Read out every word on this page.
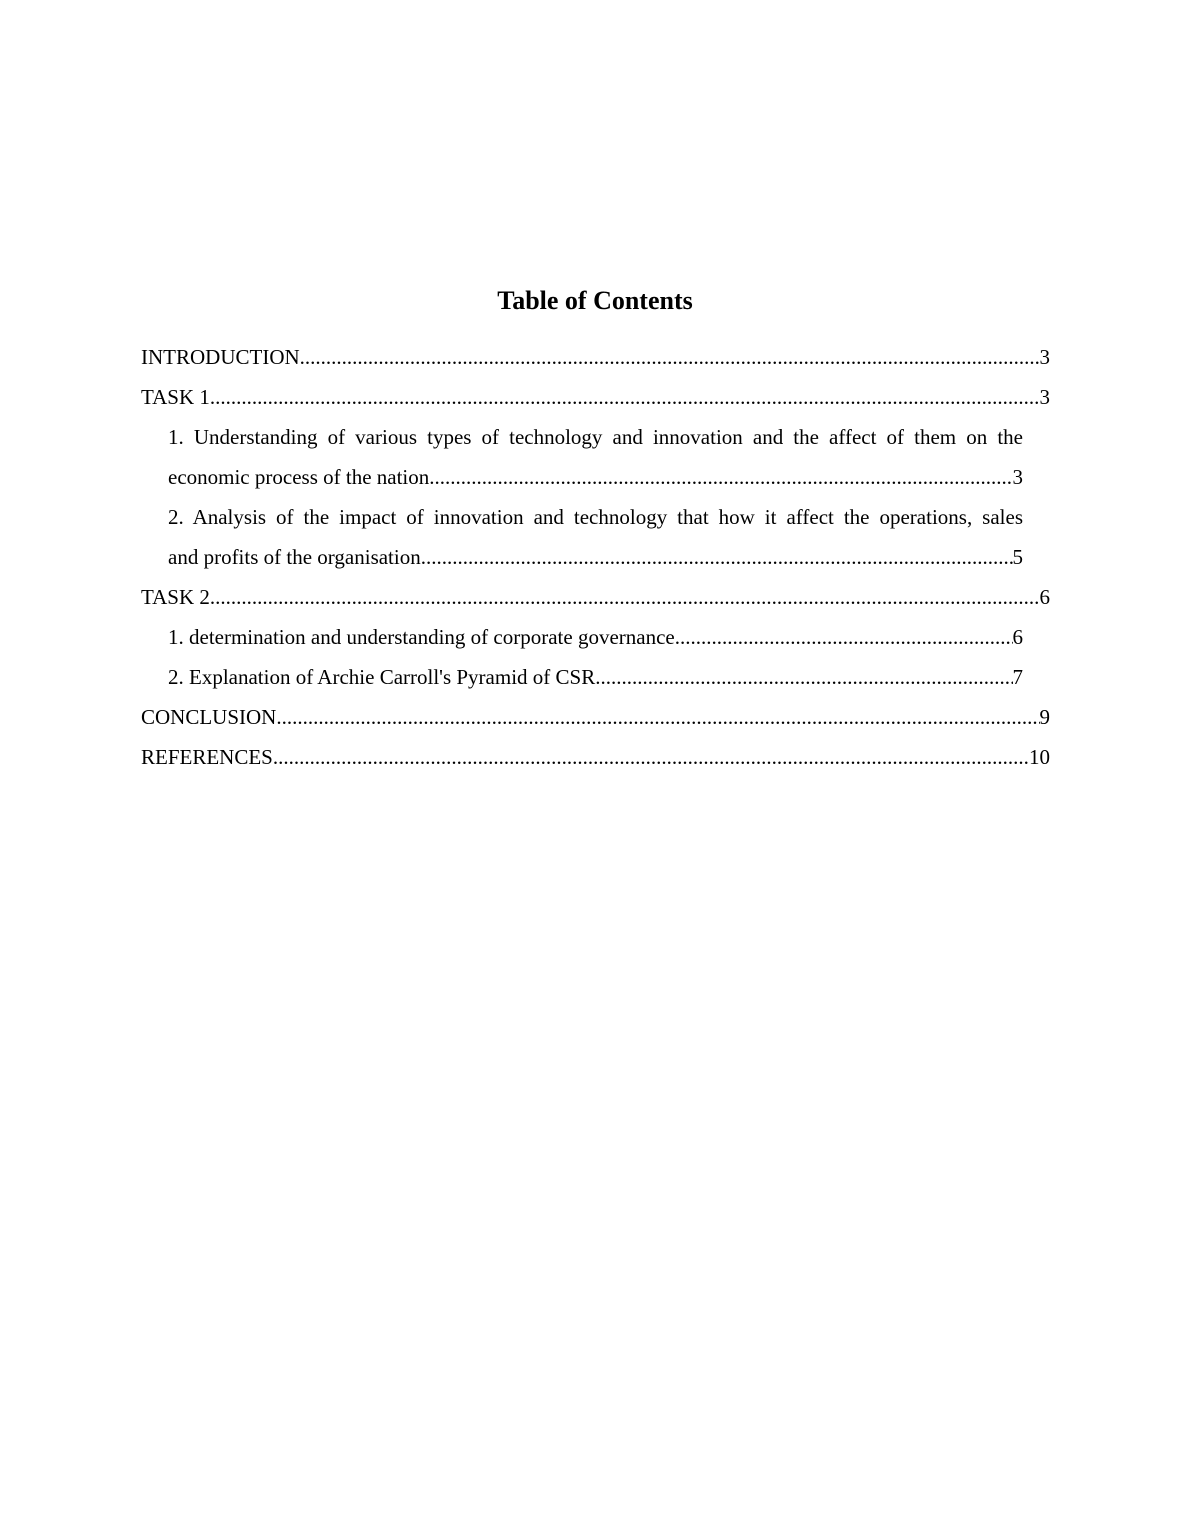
Table of Contents
INTRODUCTION .....	3
TASK 1 .....	3
1. Understanding of various types of technology and innovation and the affect of them on the
economic process of the nation .....	3
2. Analysis of the impact of innovation and technology that how it affect the operations, sales
and profits of the organisation .....	5
TASK 2 .....	6
1. determination and understanding of corporate governance .....	6
2. Explanation of Archie Carroll's Pyramid of CSR .....	7
CONCLUSION .....	9
REFERENCES .....	10
